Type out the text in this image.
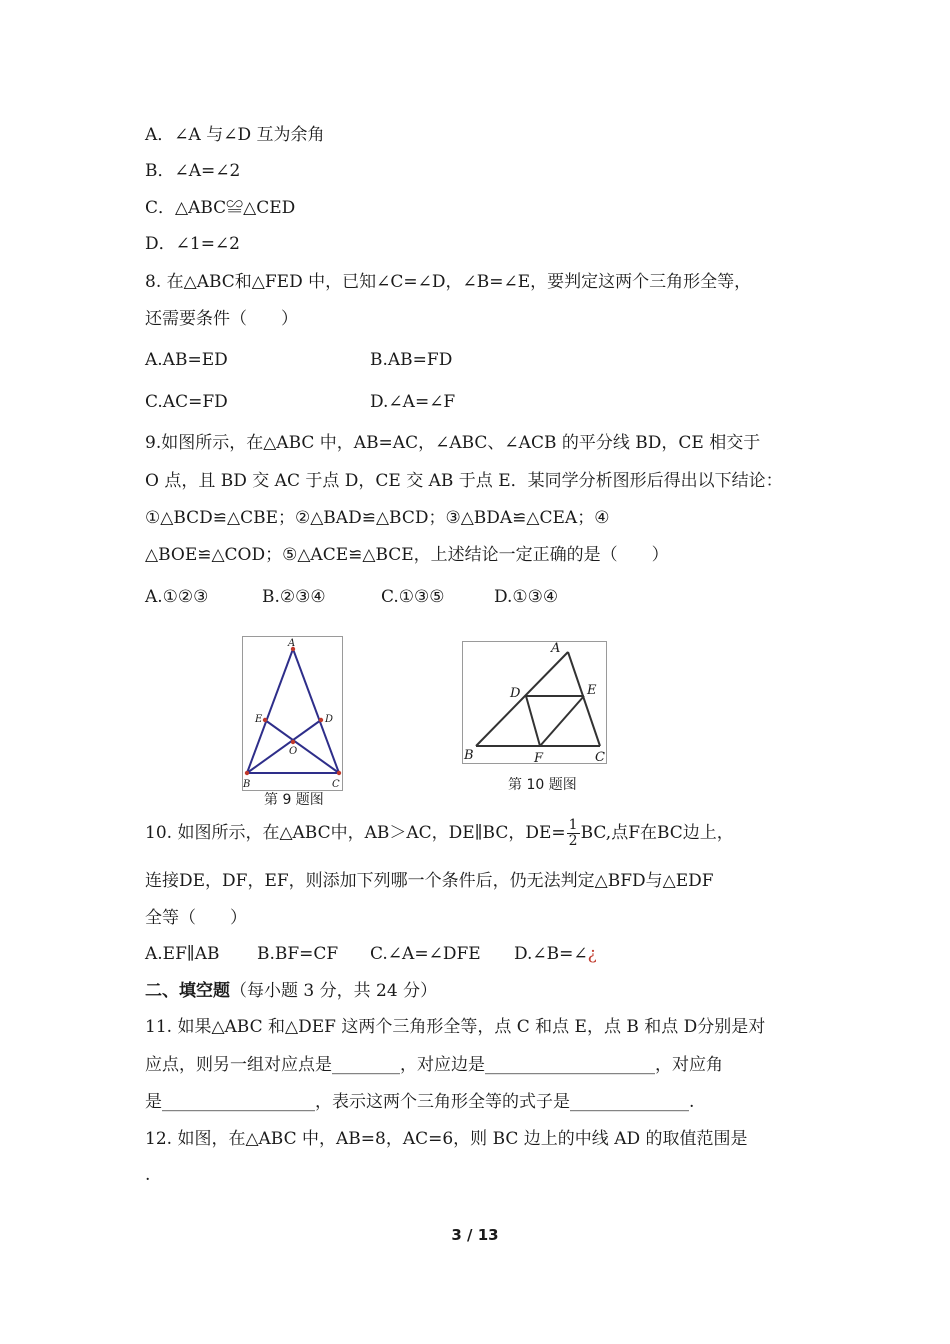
A．∠A 与∠D 互为余角
B．∠A=∠2
C．△ABC≌△CED
D．∠1=∠2
8. 在△ABC和△FED 中，已知∠C=∠D，∠B=∠E，要判定这两个三角形全等，
还需要条件（　　）
A.AB=ED	B.AB=FD
C.AC=FD	D.∠A=∠F
9.如图所示，在△ABC 中，AB=AC，∠ABC、∠ACB 的平分线 BD，CE 相交于
O 点，且 BD 交 AC 于点 D，CE 交 AB 于点 E．某同学分析图形后得出以下结论：
①△BCD≌△CBE；②△BAD≌△BCD；③△BDA≌△CEA；④
△BOE≌△COD；⑤△ACE≌△BCE，上述结论一定正确的是（　　）
A.①②③	B.②③④	C.①③⑤	D.①③④
A
B	C
D
E
O
第 9 题图
A
B	C
D	E
F
第 10 题图
10. 如图所示，在△ABC中，AB＞AC，DE∥BC，$DE= \frac{1}{2}$ BC,点F在BC边上，
连接DE，DF，EF，则添加下列哪一个条件后，仍无法判定△BFD与△EDF
全等（　　）
A.EF∥AB B.BF=CF C.∠A=∠DFE D.∠B=∠¿
二、填空题（每小题 3 分，共 24 分）
11. 如果△ABC 和△DEF 这两个三角形全等，点 C 和点 E，点 B 和点 D分别是对
应点，则另一组对应点是________，对应边是____________________，对应角
是__________________，表示这两个三角形全等的式子是______________.
12. 如图，在△ABC 中，AB=8，AC=6，则 BC 边上的中线 AD 的取值范围是
.
3 / 13
